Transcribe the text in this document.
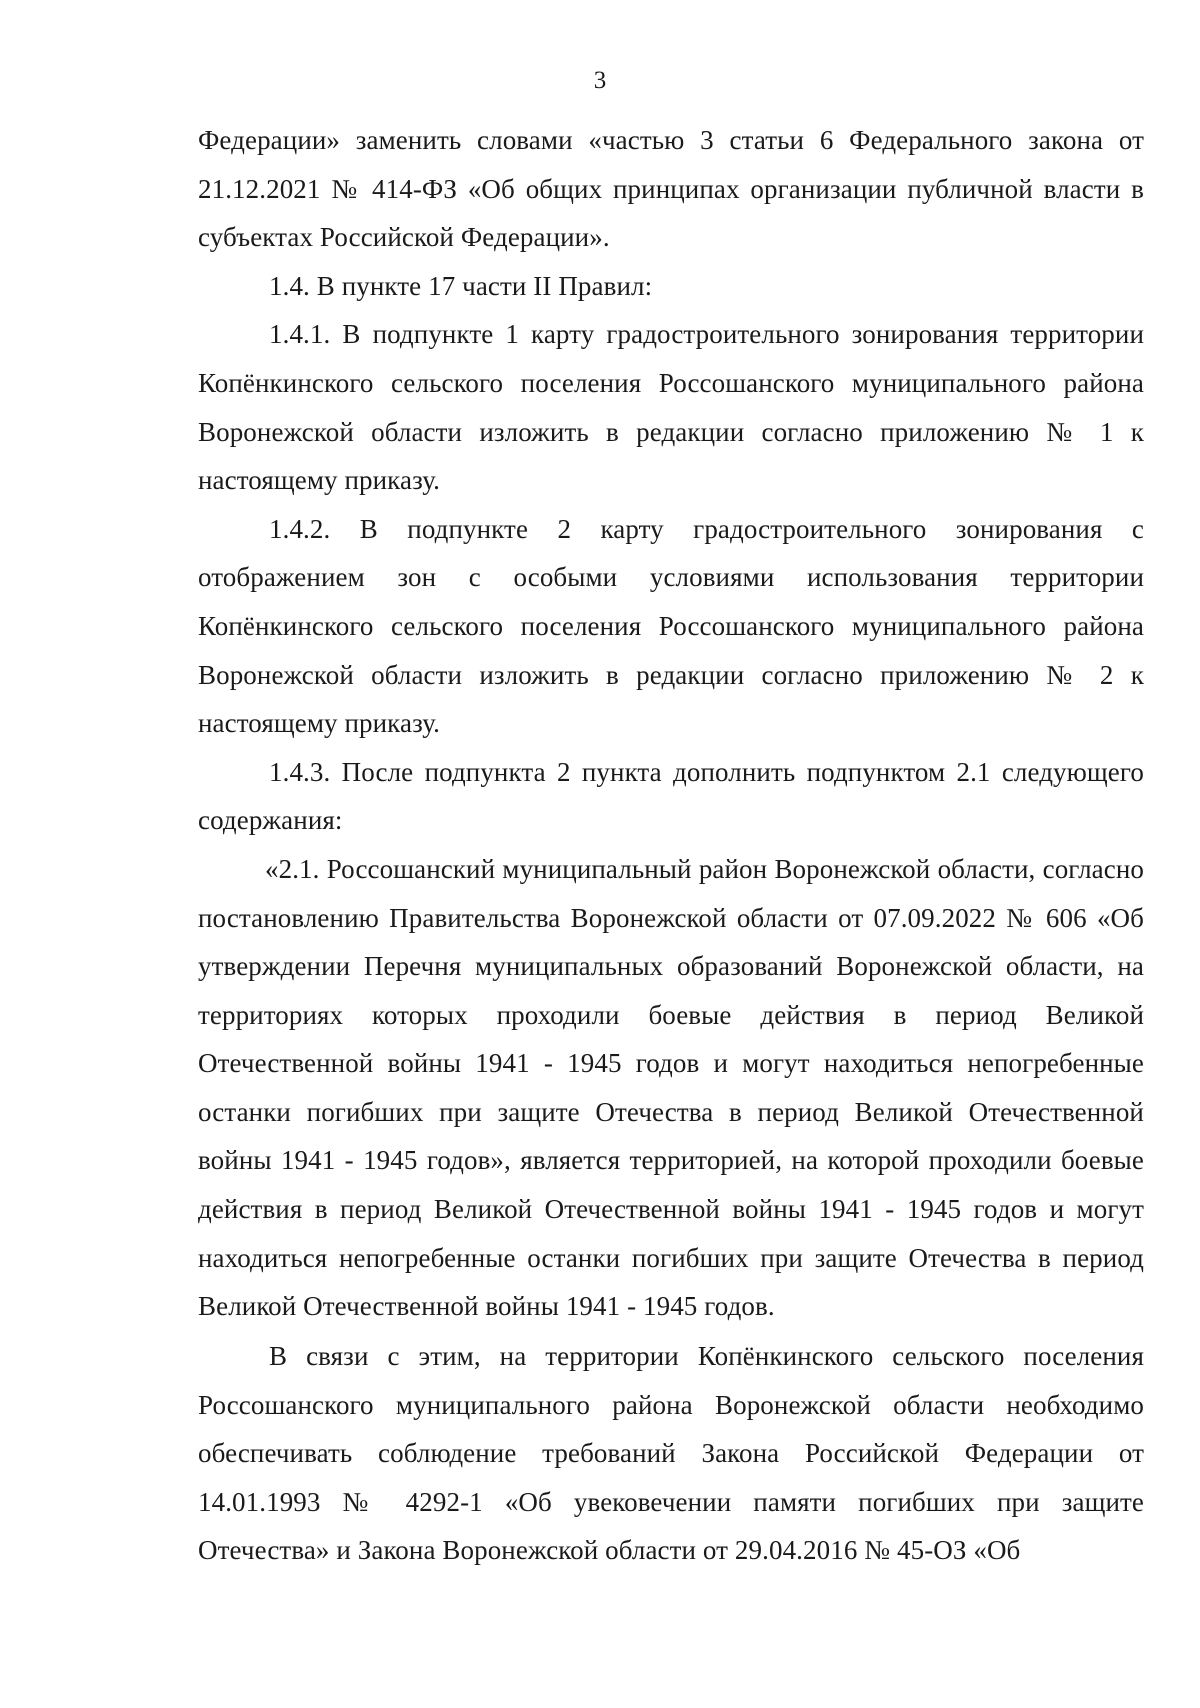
3

Федерации» заменить словами «частью 3 статьи 6 Федерального закона от 21.12.2021 № 414-ФЗ «Об общих принципах организации публичной власти в субъектах Российской Федерации».

1.4. В пункте 17 части II Правил:

1.4.1. В подпункте 1 карту градостроительного зонирования территории Копёнкинского сельского поселения Россошанского муниципального района Воронежской области изложить в редакции согласно приложению № 1 к настоящему приказу.

1.4.2. В подпункте 2 карту градостроительного зонирования с отображением зон с особыми условиями использования территории Копёнкинского сельского поселения Россошанского муниципального района Воронежской области изложить в редакции согласно приложению № 2 к настоящему приказу.

1.4.3. После подпункта 2 пункта дополнить подпунктом 2.1 следующего содержания:

«2.1. Россошанский муниципальный район Воронежской области, согласно постановлению Правительства Воронежской области от 07.09.2022 № 606 «Об утверждении Перечня муниципальных образований Воронежской области, на территориях которых проходили боевые действия в период Великой Отечественной войны 1941 - 1945 годов и могут находиться непогребенные останки погибших при защите Отечества в период Великой Отечественной войны 1941 - 1945 годов», является территорией, на которой проходили боевые действия в период Великой Отечественной войны 1941 - 1945 годов и могут находиться непогребенные останки погибших при защите Отечества в период Великой Отечественной войны 1941 - 1945 годов.

В связи с этим, на территории Копёнкинского сельского поселения Россошанского муниципального района Воронежской области необходимо обеспечивать соблюдение требований Закона Российской Федерации от 14.01.1993 № 4292-1 «Об увековечении памяти погибших при защите Отечества» и Закона Воронежской области от 29.04.2016 № 45-ОЗ «Об
